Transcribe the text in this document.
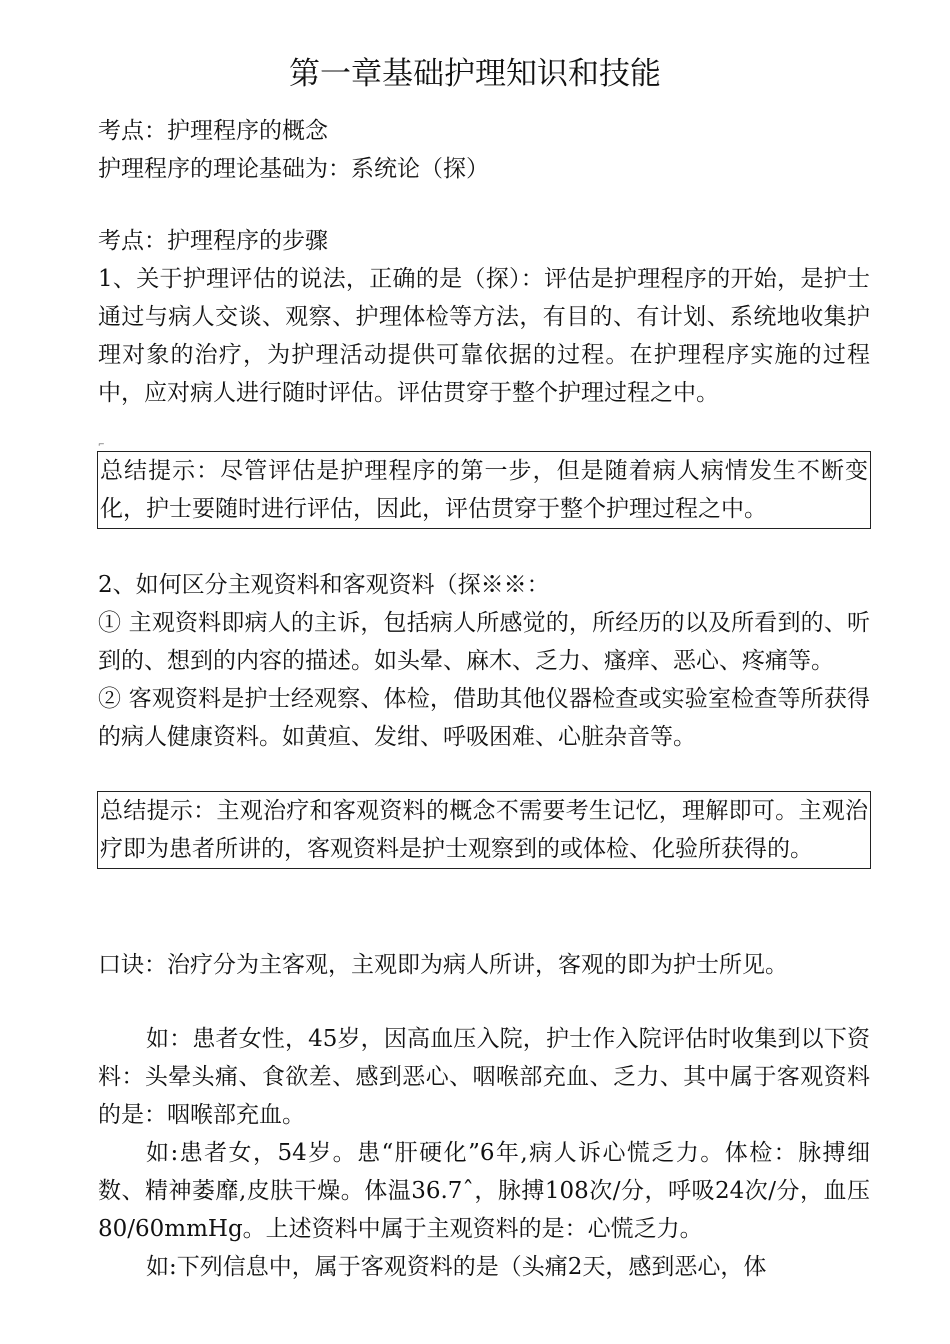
第一章基础护理知识和技能

考点：护理程序的概念

护理程序的理论基础为：系统论（探）

考点：护理程序的步骤

1、关于护理评估的说法，正确的是（探）：评估是护理程序的开始，是护士通过与病人交谈、观察、护理体检等方法，有目的、有计划、系统地收集护理对象的治疗，为护理活动提供可靠依据的过程。在护理程序实施的过程中，应对病人进行随时评估。评估贯穿于整个护理过程之中。

⌐
总结提示：尽管评估是护理程序的第一步，但是随着病人病情发生不断变化，护士要随时进行评估，因此，评估贯穿于整个护理过程之中。

2、如何区分主观资料和客观资料（探※※：

① 主观资料即病人的主诉，包括病人所感觉的，所经历的以及所看到的、听到的、想到的内容的描述。如头晕、麻木、乏力、瘙痒、恶心、疼痛等。

② 客观资料是护士经观察、体检，借助其他仪器检查或实验室检查等所获得的病人健康资料。如黄疸、发绀、呼吸困难、心脏杂音等。

总结提示：主观治疗和客观资料的概念不需要考生记忆，理解即可。主观治疗即为患者所讲的，客观资料是护士观察到的或体检、化验所获得的。
口诀：治疗分为主客观，主观即为病人所讲，客观的即为护士所见。

如：患者女性，45岁，因高血压入院，护士作入院评估时收集到以下资料：头晕头痛、食欲差、感到恶心、咽喉部充血、乏力、其中属于客观资料的是：咽喉部充血。

如:患者女，54岁。患“肝硬化”6年,病人诉心慌乏力。体检：脉搏细数、精神萎靡,皮肤干燥。体温36.7ˆ，脉搏108次/分，呼吸24次/分，血压80/60mmHg。上述资料中属于主观资料的是：心慌乏力。

如:下列信息中，属于客观资料的是（头痛2天，感到恶心，体
